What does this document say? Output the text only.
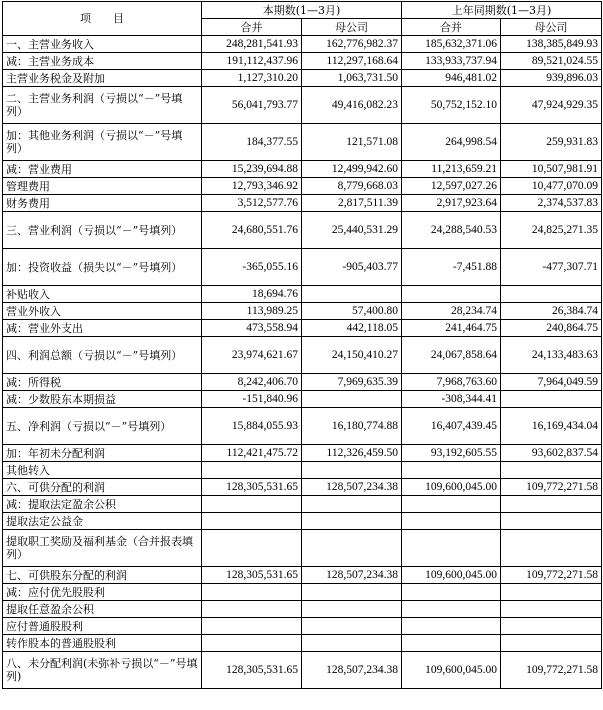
项　　目	本期数(1—3月)		上年同期数(1—3月)	
	合并	母公司	合并	母公司
一、主营业务收入	248,281,541.93	162,776,982.37	185,632,371.06	138,385,849.93
减：主营业务成本	191,112,437.96	112,297,168.64	133,933,737.94	89,521,024.55
主营业务税金及附加	1,127,310.20	1,063,731.50	946,481.02	939,896.03
二、主营业务利润（亏损以“－”号填列）	56,041,793.77	49,416,082.23	50,752,152.10	47,924,929.35
加：其他业务利润（亏损以“－”号填列）	184,377.55	121,571.08	264,998.54	259,931.83
减：营业费用	15,239,694.88	12,499,942.60	11,213,659.21	10,507,981.91
管理费用	12,793,346.92	8,779,668.03	12,597,027.26	10,477,070.09
财务费用	3,512,577.76	2,817,511.39	2,917,923.64	2,374,537.83
三、营业利润（亏损以“－”号填列）	24,680,551.76	25,440,531.29	24,288,540.53	24,825,271.35
加：投资收益（损失以“－”号填列）	-365,055.16	-905,403.77	-7,451.88	-477,307.71
补贴收入	18,694.76			
营业外收入	113,989.25	57,400.80	28,234.74	26,384.74
减：营业外支出	473,558.94	442,118.05	241,464.75	240,864.75
四、利润总额（亏损以“－”号填列）	23,974,621.67	24,150,410.27	24,067,858.64	24,133,483.63
减：所得税	8,242,406.70	7,969,635.39	7,968,763.60	7,964,049.59
减：少数股东本期损益	-151,840.96		-308,344.41	
五、净利润（亏损以“－”号填列）	15,884,055.93	16,180,774.88	16,407,439.45	16,169,434.04
加：年初未分配利润	112,421,475.72	112,326,459.50	93,192,605.55	93,602,837.54
其他转入				
六、可供分配的利润	128,305,531.65	128,507,234.38	109,600,045.00	109,772,271.58
减：提取法定盈余公积				
提取法定公益金				
提取职工奖励及福利基金（合并报表填列）				
七、可供股东分配的利润	128,305,531.65	128,507,234.38	109,600,045.00	109,772,271.58
减：应付优先股股利				
提取任意盈余公积				
应付普通股股利				
转作股本的普通股股利				
八、未分配利润(未弥补亏损以“－”号填列)	128,305,531.65	128,507,234.38	109,600,045.00	109,772,271.58
